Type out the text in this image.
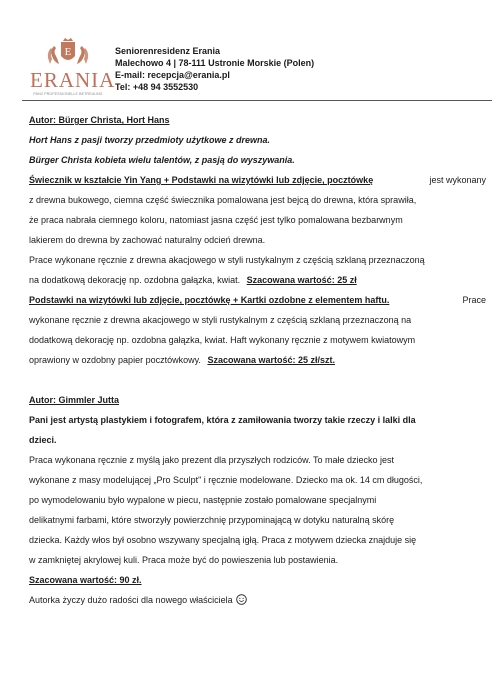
E
ERANIA
PANZ PROFESSIONELLE BETREUUNG
Seniorenresidenz Erania
Malechowo 4 | 78-111 Ustronie Morskie (Polen)
E-mail: recepcja@erania.pl
Tel: +48 94 3552530
Autor: Bürger Christa, Hort Hans
Hort Hans z pasji tworzy przedmioty użytkowe z drewna.
Bürger Christa kobieta wielu talentów, z pasją do wyszywania.
Świecznik w kształcie Yin Yang + Podstawki na wizytówki lub zdjęcie, pocztówkę	jest wykonany
z drewna bukowego, ciemna część świecznika pomalowana jest bejcą do drewna, która sprawiła,
że praca nabrała ciemnego koloru, natomiast jasna część jest tylko pomalowana bezbarwnym
lakierem do drewna by zachować naturalny odcień drewna.
Prace wykonane ręcznie z drewna akacjowego w styli rustykalnym z częścią szklaną przeznaczoną
na dodatkową dekorację np. ozdobna gałązka, kwiat. Szacowana wartość: 25 zł
Podstawki na wizytówki lub zdjęcie, pocztówkę + Kartki ozdobne z elementem haftu.	Prace
wykonane ręcznie z drewna akacjowego w styli rustykalnym z częścią szklaną przeznaczoną na
dodatkową dekorację np. ozdobna gałązka, kwiat. Haft wykonany ręcznie z motywem kwiatowym
oprawiony w ozdobny papier pocztówkowy. Szacowana wartość: 25 zł/szt.
Autor: Gimmler Jutta
Pani jest artystą plastykiem i fotografem, która z zamiłowania tworzy takie rzeczy i lalki dla
dzieci.
Praca wykonana ręcznie z myślą jako prezent dla przyszłych rodziców. To małe dziecko jest
wykonane z masy modelującej „Pro Sculpt" i ręcznie modelowane. Dziecko ma ok. 14 cm długości,
po wymodelowaniu było wypalone w piecu, następnie zostało pomalowane specjalnymi
delikatnymi farbami, które stworzyły powierzchnię przypominającą w dotyku naturalną skórę
dziecka. Każdy włos był osobno wszywany specjalną igłą. Praca z motywem dziecka znajduje się
w zamkniętej akrylowej kuli. Praca może być do powieszenia lub postawienia.
Szacowana wartość: 90 zł.
Autorka życzy dużo radości dla nowego właściciela
